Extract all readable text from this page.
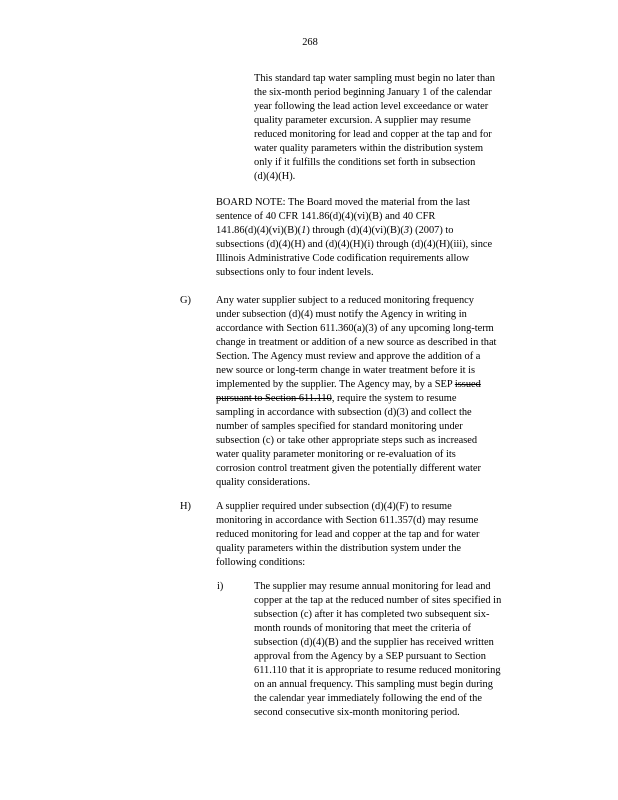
268
This standard tap water sampling must begin no later than
the six-month period beginning January 1 of the calendar
year following the lead action level exceedance or water
quality parameter excursion. A supplier may resume
reduced monitoring for lead and copper at the tap and for
water quality parameters within the distribution system
only if it fulfills the conditions set forth in subsection
(d)(4)(H).
BOARD NOTE: The Board moved the material from the last
sentence of 40 CFR 141.86(d)(4)(vi)(B) and 40 CFR
141.86(d)(4)(vi)(B)(1) through (d)(4)(vi)(B)(3) (2007) to
subsections (d)(4)(H) and (d)(4)(H)(i) through (d)(4)(H)(iii), since
Illinois Administrative Code codification requirements allow
subsections only to four indent levels.
G) Any water supplier subject to a reduced monitoring frequency
under subsection (d)(4) must notify the Agency in writing in
accordance with Section 611.360(a)(3) of any upcoming long-term
change in treatment or addition of a new source as described in that
Section. The Agency must review and approve the addition of a
new source or long-term change in water treatment before it is
implemented by the supplier. The Agency may, by a SEP issued
pursuant to Section 611.110, require the system to resume
sampling in accordance with subsection (d)(3) and collect the
number of samples specified for standard monitoring under
subsection (c) or take other appropriate steps such as increased
water quality parameter monitoring or re-evaluation of its
corrosion control treatment given the potentially different water
quality considerations.
H) A supplier required under subsection (d)(4)(F) to resume
monitoring in accordance with Section 611.357(d) may resume
reduced monitoring for lead and copper at the tap and for water
quality parameters within the distribution system under the
following conditions:
i)	The supplier may resume annual monitoring for lead and
copper at the tap at the reduced number of sites specified in
subsection (c) after it has completed two subsequent six-
month rounds of monitoring that meet the criteria of
subsection (d)(4)(B) and the supplier has received written
approval from the Agency by a SEP pursuant to Section
611.110 that it is appropriate to resume reduced monitoring
on an annual frequency. This sampling must begin during
the calendar year immediately following the end of the
second consecutive six-month monitoring period.
